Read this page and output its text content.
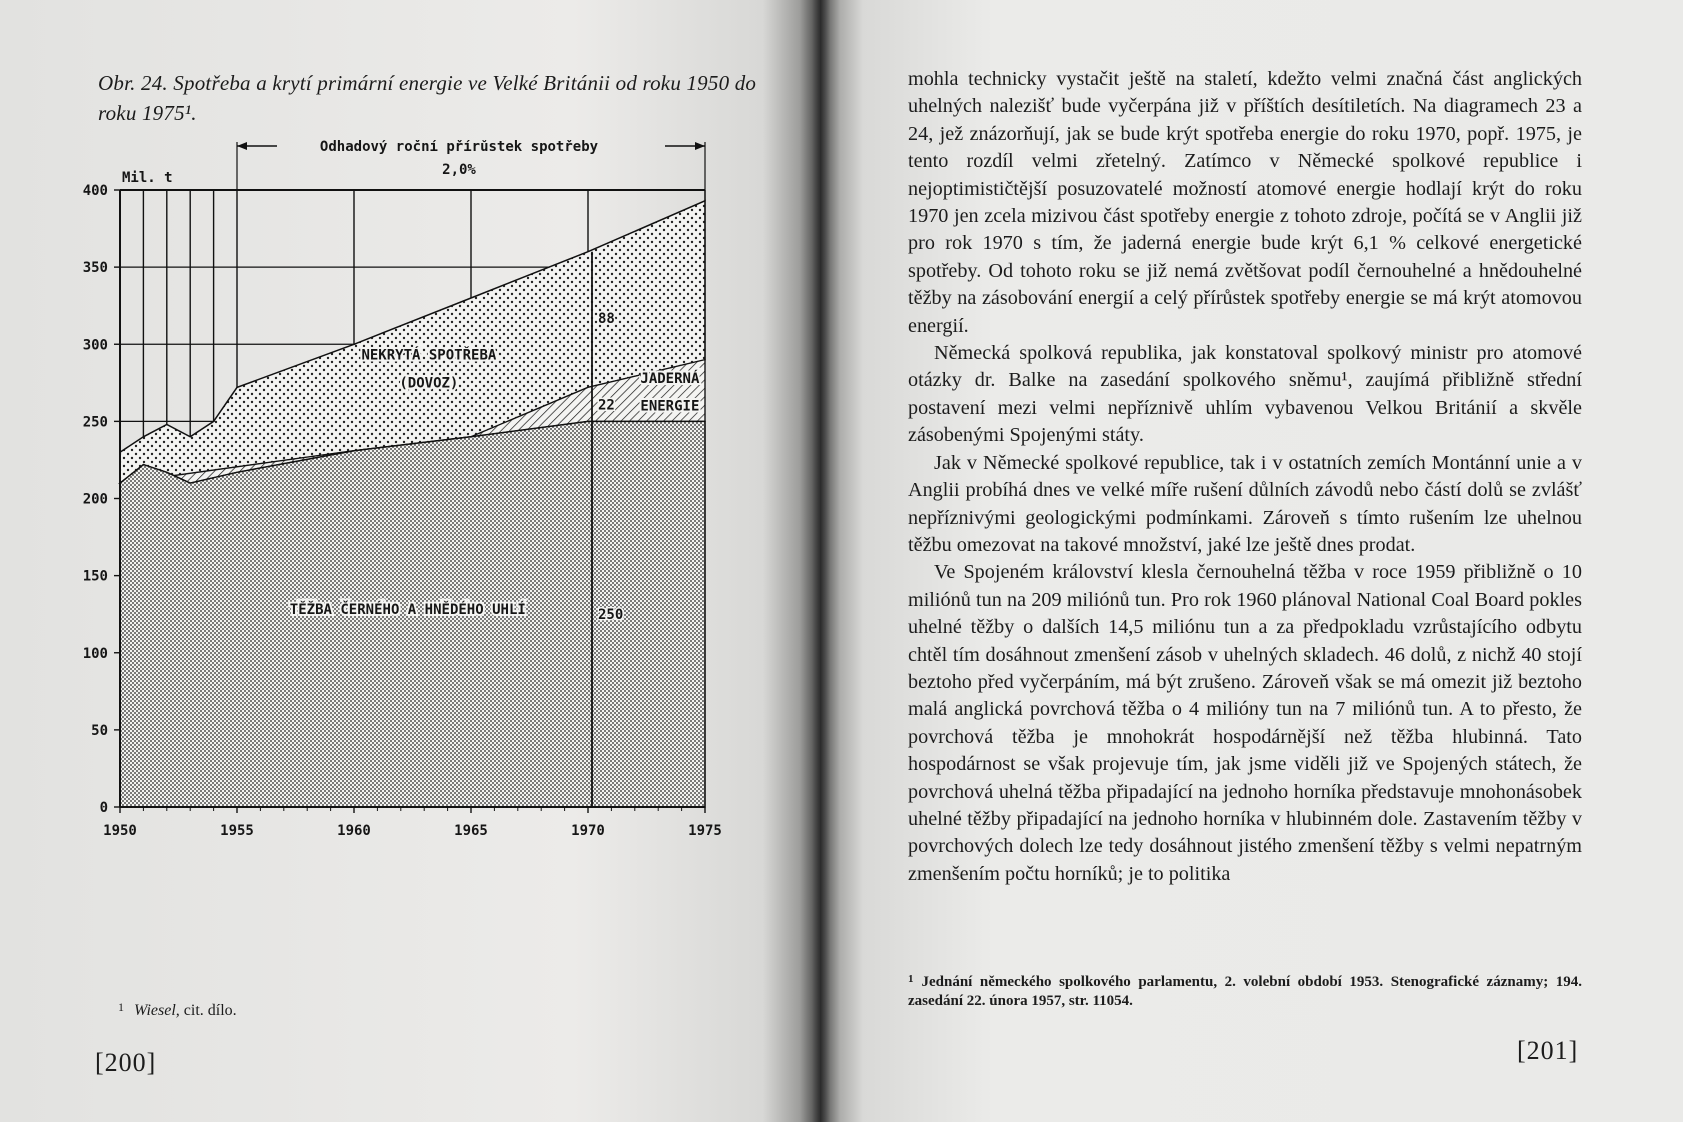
Obr. 24. Spotřeba a krytí primární energie ve Velké Británii od roku 1950 do roku 1975¹.
0
50
100
150
200
250
300
350
400
1950	1955	1960	1965	1970	1975
Mil. t
Odhadový roční přírůstek spotřeby
2,0%
88
22
250
TĚŽBA ČERNÉHO A HNĚDÉHO UHLÍ
NEKRYTÁ SPOTŘEBA
(DOVOZ)	JADERNÁ
ENERGIE
$^1$ Wiesel, cit. dílo.
[200]

mohla technicky vystačit ještě na staletí, kdežto velmi značná část anglických uhelných nalezišť bude vyčerpána již v příštích desítiletích. Na diagramech 23 a 24, jež znázorňují, jak se bude krýt spotřeba energie do roku 1970, popř. 1975, je tento rozdíl velmi zřetelný. Zatímco v Německé spolkové republice i nejoptimističtější posuzovatelé možností atomové energie hodlají krýt do roku 1970 jen zcela mizivou část spotřeby energie z tohoto zdroje, počítá se v Anglii již pro rok 1970 s tím, že jaderná energie bude krýt 6,1 % celkové energetické spotřeby. Od tohoto roku se již nemá zvětšovat podíl černouhelné a hnědouhelné těžby na zásobování energií a celý přírůstek spotřeby energie se má krýt atomovou energií.

Německá spolková republika, jak konstatoval spolkový ministr pro atomové otázky dr. Balke na zasedání spolkového sněmu¹, zaujímá přibližně střední postavení mezi velmi nepříznivě uhlím vybavenou Velkou Británií a skvěle zásobenými Spojenými státy.

Jak v Německé spolkové republice, tak i v ostatních zemích Montánní unie a v Anglii probíhá dnes ve velké míře rušení důlních závodů nebo částí dolů se zvlášť nepříznivými geologickými podmínkami. Zároveň s tímto rušením lze uhelnou těžbu omezovat na takové množství, jaké lze ještě dnes prodat.

Ve Spojeném království klesla černouhelná těžba v roce 1959 přibližně o 10 miliónů tun na 209 miliónů tun. Pro rok 1960 plánoval National Coal Board pokles uhelné těžby o dalších 14,5 miliónu tun a za předpokladu vzrůstajícího odbytu chtěl tím dosáhnout zmenšení zásob v uhelných skladech. 46 dolů, z nichž 40 stojí beztoho před vyčerpáním, má být zrušeno. Zároveň však se má omezit již beztoho malá anglická povrchová těžba o 4 milióny tun na 7 miliónů tun. A to přesto, že povrchová těžba je mnohokrát hospodárnější než těžba hlubinná. Tato hospodárnost se však projevuje tím, jak jsme viděli již ve Spojených státech, že povrchová uhelná těžba připadající na jednoho horníka představuje mnohonásobek uhelné těžby připadající na jednoho horníka v hlubinném dole. Zastavením těžby v povrchových dolech lze tedy dosáhnout jistého zmenšení těžby s velmi nepatrným zmenšením počtu horníků; je to politika

$^1$ Jednání německého spolkového parlamentu, 2. volební období 1953. Stenografické záznamy; 194. zasedání 22. února 1957, str. 11054.
[201]
